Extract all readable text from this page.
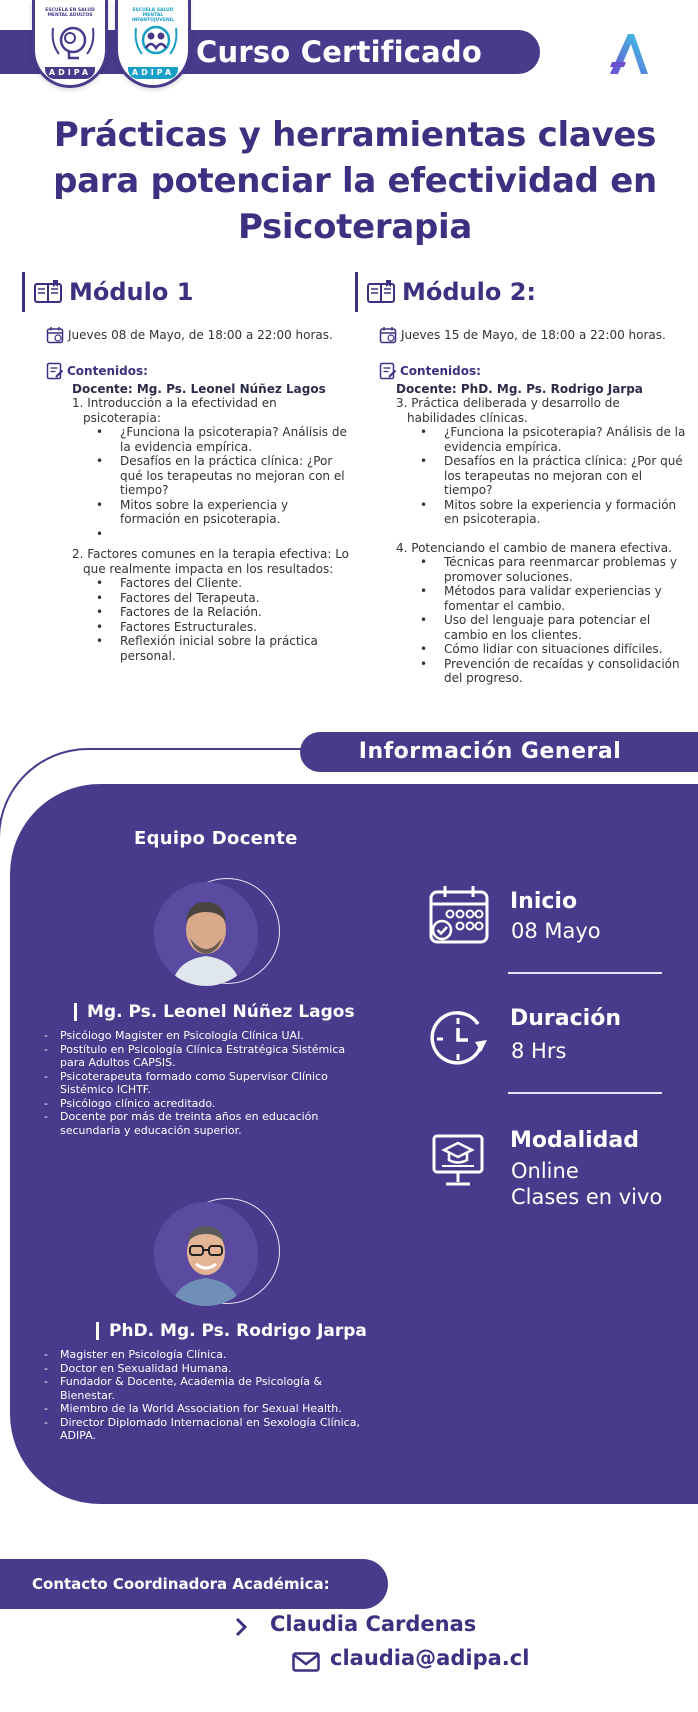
Curso Certificado
ESCUELA EN SALUD MENTAL ADULTOS
ADIPA
ESCUELA SALUD MENTAL INFANTOJUVENIL
ADIPA
Prácticas y herramientas claves para potenciar la efectividad en Psicoterapia
Módulo 1
Jueves 08 de Mayo, de 18:00 a 22:00 horas.
Contenidos:
Docente: Mg. Ps. Leonel Núñez Lagos
1. Introducción a la efectividad en psicoterapia:
• ¿Funciona la psicoterapia? Análisis de la evidencia empírica.
• Desafíos en la práctica clínica: ¿Por qué los terapeutas no mejoran con el tiempo?
• Mitos sobre la experiencia y formación en psicoterapia.
•
2. Factores comunes en la terapia efectiva: Lo que realmente impacta en los resultados:
• Factores del Cliente.
• Factores del Terapeuta.
• Factores de la Relación.
• Factores Estructurales.
• Reflexión inicial sobre la práctica personal.
Módulo 2:
Jueves 15 de Mayo, de 18:00 a 22:00 horas.
Contenidos:
Docente: PhD. Mg. Ps. Rodrigo Jarpa
3. Práctica deliberada y desarrollo de habilidades clínicas.
• ¿Funciona la psicoterapia? Análisis de la evidencia empírica.
• Desafíos en la práctica clínica: ¿Por qué los terapeutas no mejoran con el tiempo?
• Mitos sobre la experiencia y formación en psicoterapia.
4. Potenciando el cambio de manera efectiva.
• Técnicas para reenmarcar problemas y promover soluciones.
• Métodos para validar experiencias y fomentar el cambio.
• Uso del lenguaje para potenciar el cambio en los clientes.
• Cómo lidiar con situaciones difíciles.
• Prevención de recaídas y consolidación del progreso.
Información General
Equipo Docente
Mg. Ps. Leonel Núñez Lagos
- Psicólogo Magister en Psicología Clínica UAI.
- Postítulo en Psicología Clínica Estratégica Sistémica para Adultos CAPSIS.
- Psicoterapeuta formado como Supervisor Clínico Sistémico ICHTF.
- Psicólogo clínico acreditado.
- Docente por más de treinta años en educación secundaria y educación superior.
PhD. Mg. Ps. Rodrigo Jarpa
- Magister en Psicología Clínica.
- Doctor en Sexualidad Humana.
- Fundador & Docente, Academia de Psicología & Bienestar.
- Miembro de la World Association for Sexual Health.
- Director Diplomado Internacional en Sexología Clínica, ADIPA.
Inicio
08 Mayo
Duración
8 Hrs
Modalidad
Online
Clases en vivo
Contacto Coordinadora Académica:
Claudia Cardenas
claudia@adipa.cl
